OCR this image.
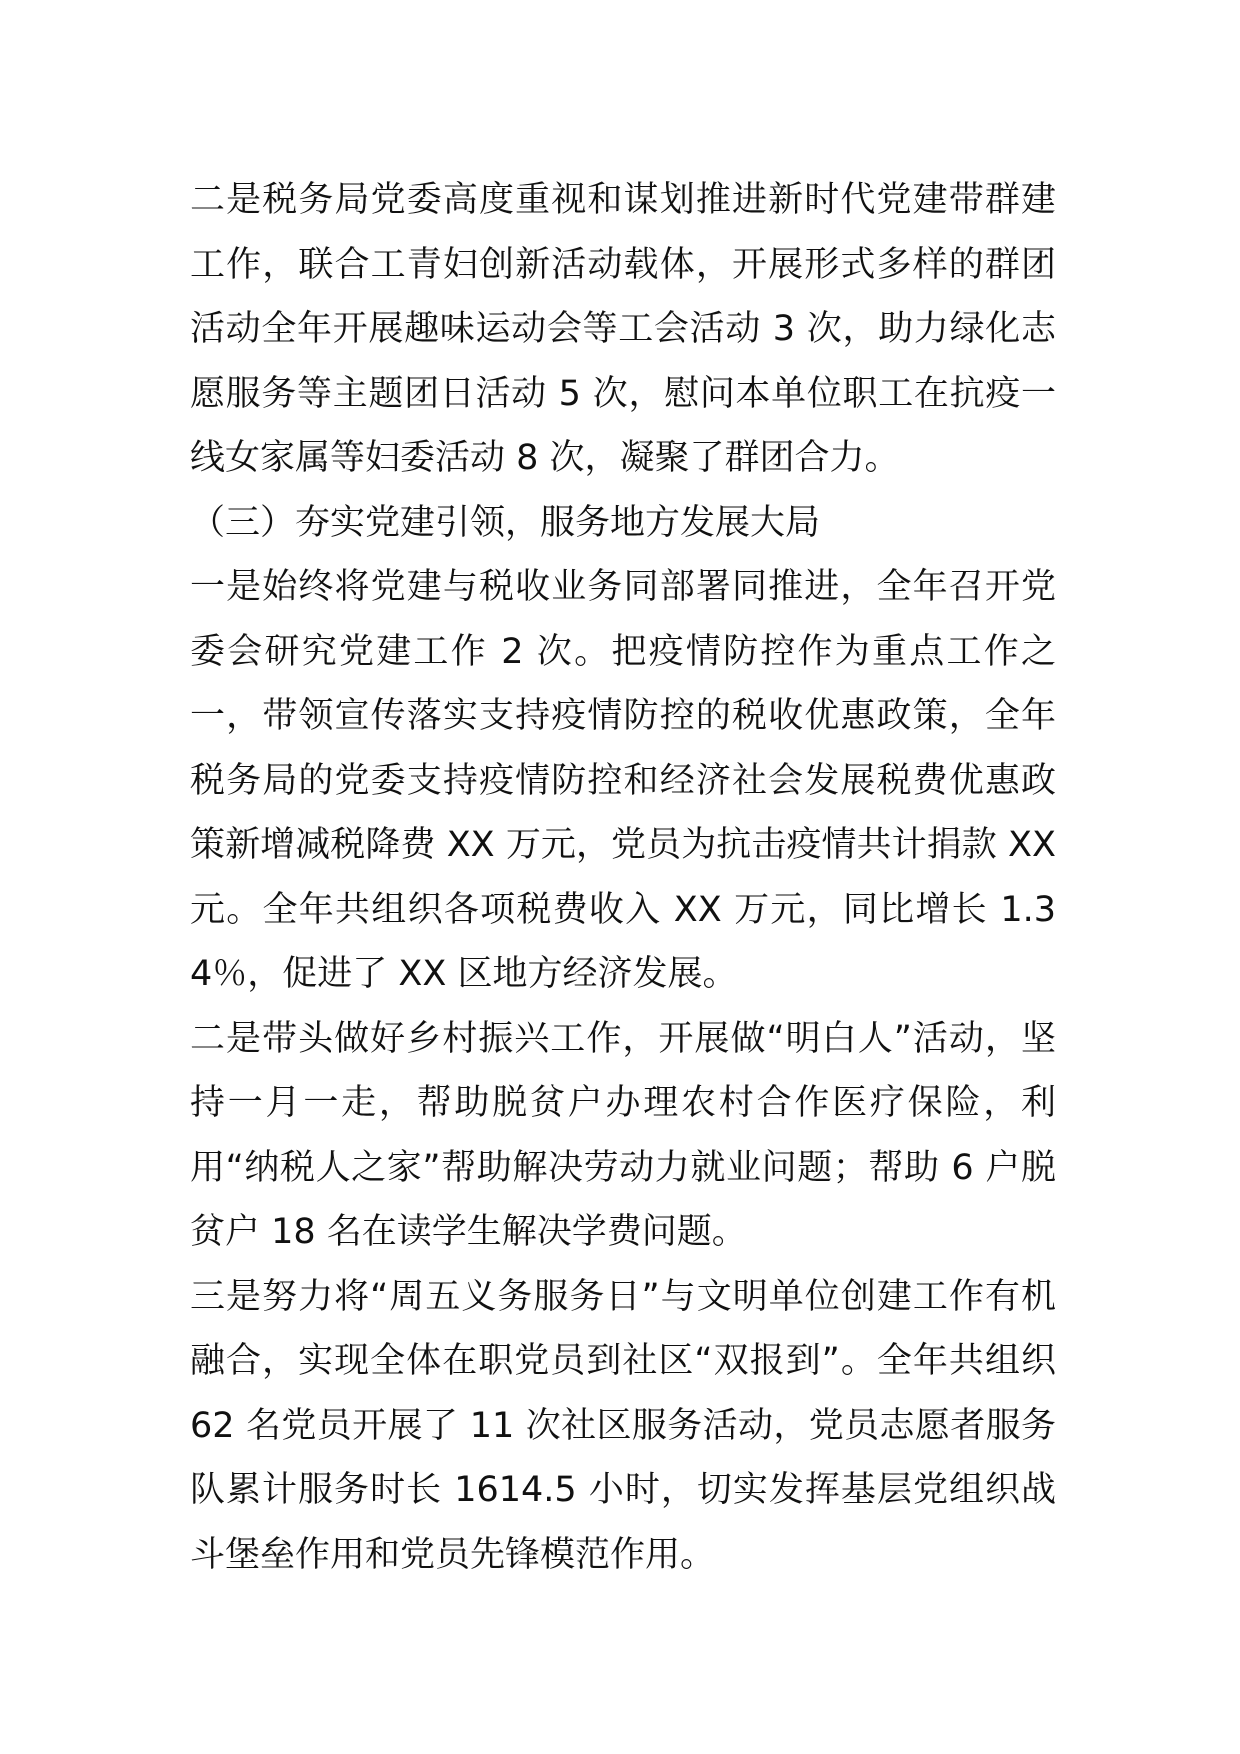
二是税务局党委高度重视和谋划推进新时代党建带群建工作，联合工青妇创新活动载体，开展形式多样的群团活动全年开展趣味运动会等工会活动 3 次，助力绿化志愿服务等主题团日活动 5 次，慰问本单位职工在抗疫一线女家属等妇委活动 8 次，凝聚了群团合力。

（三）夯实党建引领，服务地方发展大局

一是始终将党建与税收业务同部署同推进，全年召开党委会研究党建工作 2 次。把疫情防控作为重点工作之一，带领宣传落实支持疫情防控的税收优惠政策，全年税务局的党委支持疫情防控和经济社会发展税费优惠政策新增减税降费 XX 万元，党员为抗击疫情共计捐款 XX 元。全年共组织各项税费收入 XX 万元，同比增长 1.34％，促进了 XX 区地方经济发展。

二是带头做好乡村振兴工作，开展做“明白人”活动，坚持一月一走，帮助脱贫户办理农村合作医疗保险，利用“纳税人之家”帮助解决劳动力就业问题；帮助 6 户脱贫户 18 名在读学生解决学费问题。

三是努力将“周五义务服务日”与文明单位创建工作有机融合，实现全体在职党员到社区“双报到”。全年共组织 62 名党员开展了 11 次社区服务活动，党员志愿者服务队累计服务时长 1614.5 小时，切实发挥基层党组织战斗堡垒作用和党员先锋模范作用。
